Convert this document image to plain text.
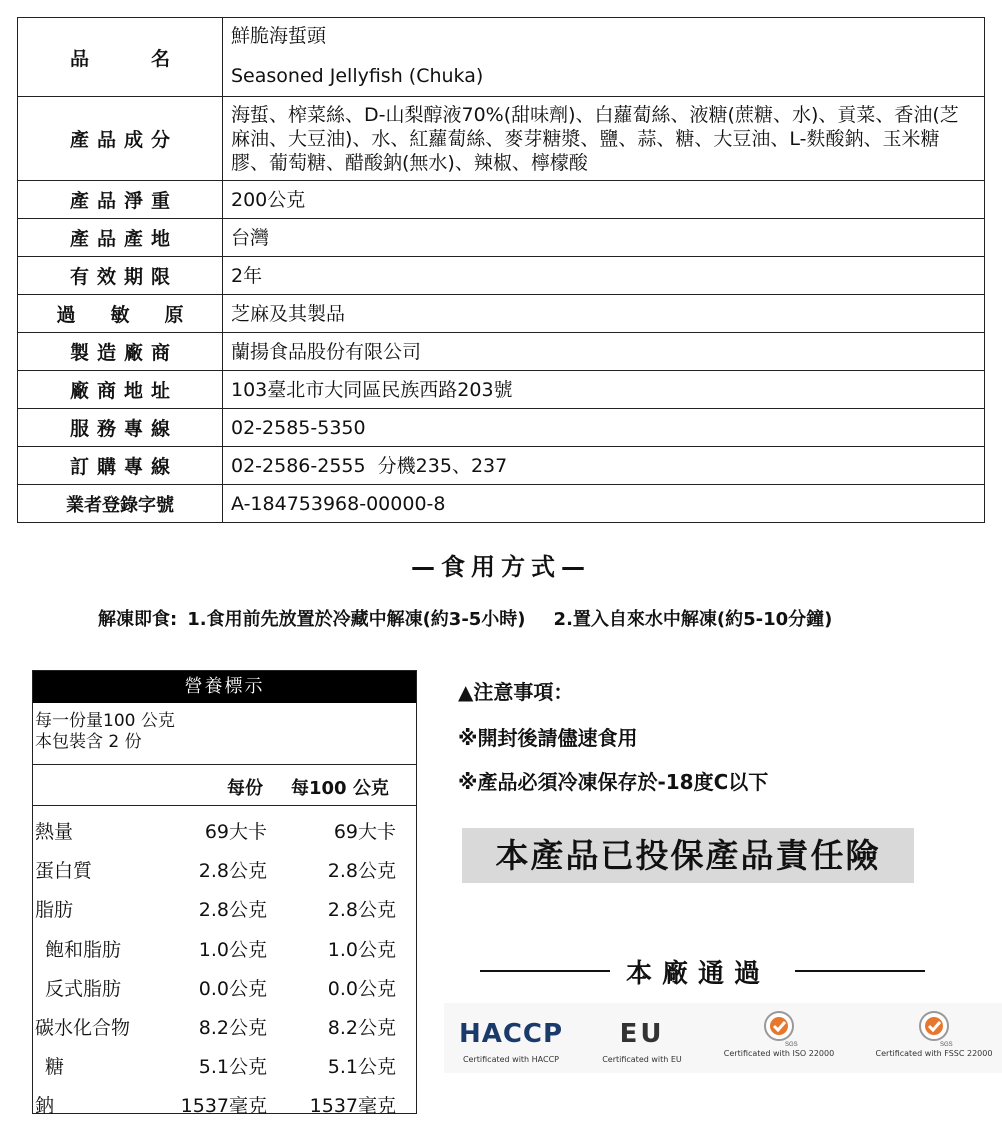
品　　名	鮮脆海蜇頭
Seasoned Jellyfish (Chuka)

產品成分	海蜇、榨菜絲、D-山梨醇液70%(甜味劑)、白蘿蔔絲、液糖(蔗糖、水)、貢菜、香油(芝麻油、大豆油)、水、紅蘿蔔絲、麥芽糖漿、鹽、蒜、糖、大豆油、L-麩酸鈉、玉米糖膠、葡萄糖、醋酸鈉(無水)、辣椒、檸檬酸
產品淨重	200公克
產品產地	台灣
有效期限	2年
過　敏　原	芝麻及其製品
製造廠商	蘭揚食品股份有限公司
廠商地址	103臺北市大同區民族西路203號
服務專線	02-2585-5350
訂購專線	02-2586-2555  分機235、237
業者登錄字號	A-184753968-00000-8
—食用方式—
解凍即食: 1.食用前先放置於冷藏中解凍(約3-5小時) 2.置入自來水中解凍(約5-10分鐘)
營養標示
每一份量100 公克
本包裝含 2 份
每份 每100 公克
熱量	69大卡	69大卡
蛋白質	2.8公克	2.8公克
脂肪	2.8公克	2.8公克
飽和脂肪	1.0公克	1.0公克
反式脂肪	0.0公克	0.0公克
碳水化合物	8.2公克	8.2公克
糖	5.1公克	5.1公克
鈉	1537毫克 1537毫克
▲注意事項：
※開封後請儘速食用
※產品必須冷凍保存於-18度C以下
本產品已投保產品責任險
本廠通過
HACCP
Certificated with HACCP
EU
Certificated with EU
SGS
Certificated with ISO 22000
SGS
Certificated with FSSC 22000
